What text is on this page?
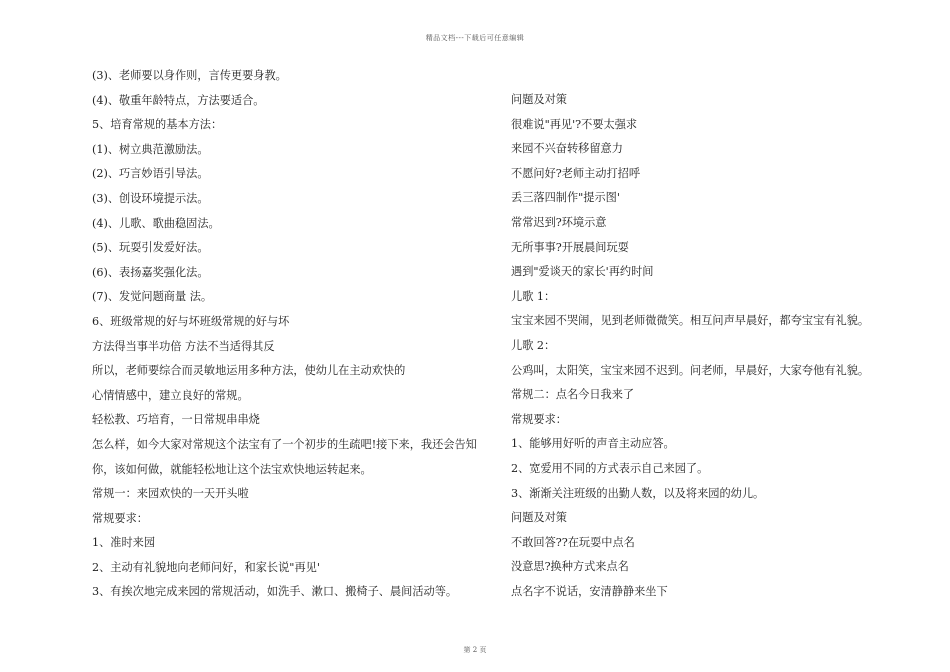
精品文档---下载后可任意编辑
(3)、老师要以身作则，言传更要身教。
(4)、敬重年龄特点，方法要适合。
5、培育常规的基本方法：
(1)、树立典范激励法。
(2)、巧言妙语引导法。
(3)、创设环境提示法。
(4)、儿歌、歌曲稳固法。
(5)、玩耍引发爱好法。
(6)、表扬嘉奖强化法。
(7)、发觉问题商量 法。
6、班级常规的好与坏班级常规的好与坏
方法得当事半功倍 方法不当适得其反
所以，老师要综合而灵敏地运用多种方法，使幼儿在主动欢快的
心情情感中，建立良好的常规。
轻松教、巧培育，一日常规串串烧
怎么样，如今大家对常规这个法宝有了一个初步的生疏吧!接下来，我还会告知你，该如何做，就能轻松地让这个法宝欢快地运转起来。
常规一：来园欢快的一天开头啦
常规要求：
1、准时来园
2、主动有礼貌地向老师问好，和家长说"再见'
3、有挨次地完成来园的常规活动，如洗手、漱口、搬椅子、晨间活动等。
问题及对策
很难说"再见'?不要太强求
来园不兴奋转移留意力
不愿问好?老师主动打招呼
丢三落四制作"提示图'
常常迟到?环境示意
无所事事?开展晨间玩耍
遇到"爱谈天的家长'再约时间
儿歌 1：
宝宝来园不哭闹，见到老师微微笑。相互问声早晨好，都夸宝宝有礼貌。
儿歌 2：
公鸡叫，太阳笑，宝宝来园不迟到。问老师，早晨好，大家夸他有礼貌。
常规二：点名今日我来了
常规要求：
1、能够用好听的声音主动应答。
2、宽爱用不同的方式表示自己来园了。
3、渐渐关注班级的出勤人数，以及将来园的幼儿。
问题及对策
不敢回答??在玩耍中点名
没意思?换种方式来点名
点名字不说话，安清静静来坐下
第 2 页
